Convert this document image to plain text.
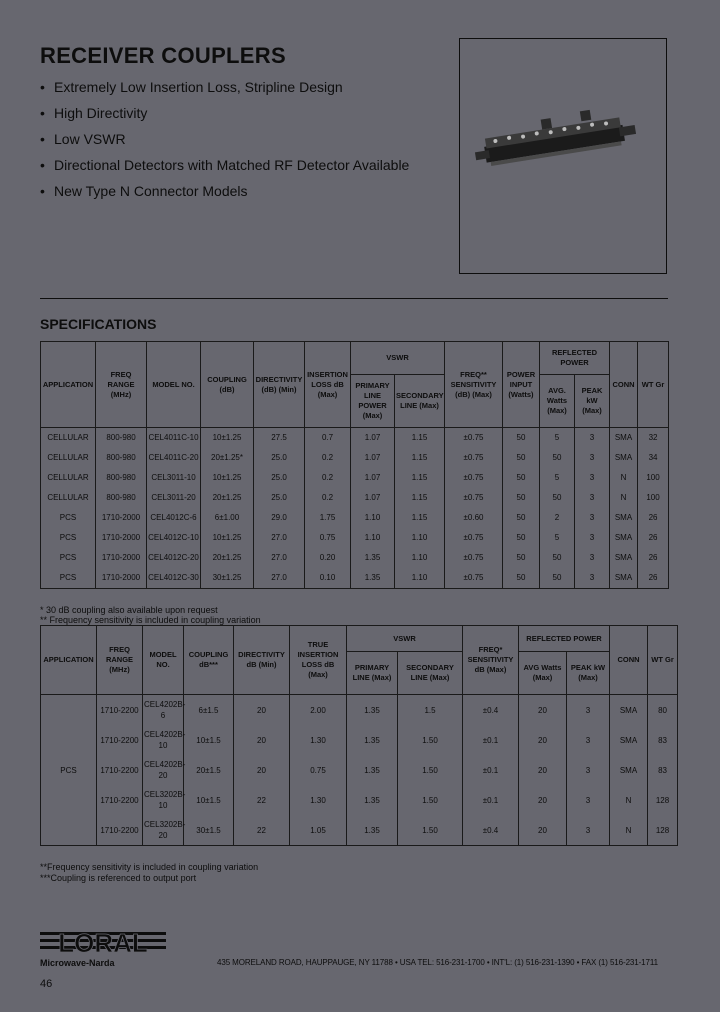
RECEIVER COUPLERS
• Extremely Low Insertion Loss, Stripline Design
• High Directivity
• Low VSWR
• Directional Detectors with Matched RF Detector Available
• New Type N Connector Models
SPECIFICATIONS
APPLICATION	FREQ RANGE (MHz)	MODEL NO.	COUPLING (dB)	DIRECTIVITY (dB) (Min)	INSERTION LOSS dB (Max)	VSWR		FREQ** SENSITIVITY (dB) (Max)	POWER INPUT (Watts)	REFLECTED POWER		CONN	WT Gr
						PRIMARY LINE POWER (Max)	SECONDARY LINE (Max)			AVG. Watts (Max)	PEAK kW (Max)		
CELLULAR	800-980	CEL4011C-10	10±1.25	27.5	0.7	1.07	1.15	±0.75	50	5	3	SMA	32
CELLULAR	800-980	CEL4011C-20	20±1.25*	25.0	0.2	1.07	1.15	±0.75	50	50	3	SMA	34
CELLULAR	800-980	CEL3011-10	10±1.25	25.0	0.2	1.07	1.15	±0.75	50	5	3	N	100
CELLULAR	800-980	CEL3011-20	20±1.25	25.0	0.2	1.07	1.15	±0.75	50	50	3	N	100
PCS	1710-2000	CEL4012C-6	6±1.00	29.0	1.75	1.10	1.15	±0.60	50	2	3	SMA	26
PCS	1710-2000	CEL4012C-10	10±1.25	27.0	0.75	1.10	1.10	±0.75	50	5	3	SMA	26
PCS	1710-2000	CEL4012C-20	20±1.25	27.0	0.20	1.35	1.10	±0.75	50	50	3	SMA	26
PCS	1710-2000	CEL4012C-30	30±1.25	27.0	0.10	1.35	1.10	±0.75	50	50	3	SMA	26
* 30 dB coupling also available upon request
** Frequency sensitivity is included in coupling variation
APPLICATION	FREQ RANGE (MHz)	MODEL NO.	COUPLING dB***	DIRECTIVITY dB (Min)	TRUE INSERTION LOSS dB (Max)	VSWR		FREQ* SENSITIVITY dB (Max)	REFLECTED POWER		CONN	WT Gr
						PRIMARY LINE (Max)	SECONDARY LINE (Max)		AVG Watts (Max)	PEAK kW (Max)		
PCS	1710-2200	CEL4202B-6	6±1.5	20	2.00	1.35	1.5	±0.4	20	3	SMA	80
	1710-2200	CEL4202B-10	10±1.5	20	1.30	1.35	1.50	±0.1	20	3	SMA	83
	1710-2200	CEL4202B-20	20±1.5	20	0.75	1.35	1.50	±0.1	20	3	SMA	83
	1710-2200	CEL3202B-10	10±1.5	22	1.30	1.35	1.50	±0.1	20	3	N	128
	1710-2200	CEL3202B-20	30±1.5	22	1.05	1.35	1.50	±0.4	20	3	N	128
**Frequency sensitivity is included in coupling variation
***Coupling is referenced to output port
LORAL
Microwave-Narda	435 MORELAND ROAD, HAUPPAUGE, NY 11788 • USA TEL: 516-231-1700 • INT'L: (1) 516-231-1390 • FAX (1) 516-231-1711
46
